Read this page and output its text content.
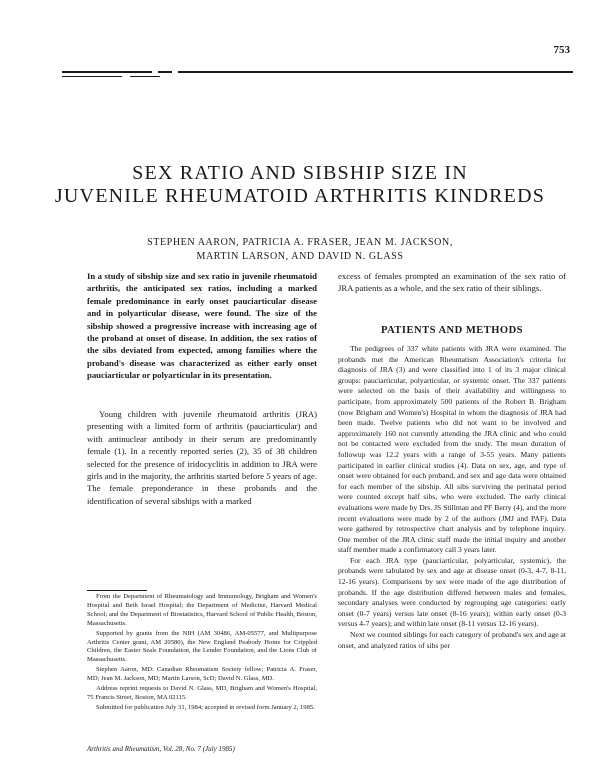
753
SEX RATIO AND SIBSHIP SIZE IN
JUVENILE RHEUMATOID ARTHRITIS KINDREDS
STEPHEN AARON, PATRICIA A. FRASER, JEAN M. JACKSON,
MARTIN LARSON, AND DAVID N. GLASS
In a study of sibship size and sex ratio in juvenile rheumatoid arthritis, the anticipated sex ratios, including a marked female predominance in early onset pauciarticular disease and in polyarticular disease, were found. The size of the sibship showed a progressive increase with increasing age of the proband at onset of disease. In addition, the sex ratios of the sibs deviated from expected, among families where the proband's disease was characterized as either early onset pauciarticular or polyarticular in its presentation.

Young children with juvenile rheumatoid arthritis (JRA) presenting with a limited form of arthritis (pauciarticular) and with antinuclear antibody in their serum are predominantly female (1). In a recently reported series (2), 35 of 38 children selected for the presence of iridocyclitis in addition to JRA were girls and in the majority, the arthritis started before 5 years of age. The female preponderance in these probands and the identification of several sibships with a marked

From the Department of Rheumatology and Immunology, Brigham and Women's Hospital and Beth Israel Hospital; the Department of Medicine, Harvard Medical School; and the Department of Biostatistics, Harvard School of Public Health, Boston, Massachusetts.

Supported by grants from the NIH (AM 30486, AM-05577, and Multipurpose Arthritis Center grant, AM 20580), the New England Peabody Home for Crippled Children, the Easter Seals Foundation, the Lender Foundation, and the Lions Club of Massachusetts.

Stephen Aaron, MD: Canadian Rheumatism Society fellow; Patricia A. Fraser, MD; Jean M. Jackson, MD; Martin Larson, ScD; David N. Glass, MD.

Address reprint requests to David N. Glass, MD, Brigham and Women's Hospital, 75 Francis Street, Boston, MA 02115.

Submitted for publication July 31, 1984; accepted in revised form January 2, 1985.

Arthritis and Rheumatism, Vol. 28, No. 7 (July 1985)

excess of females prompted an examination of the sex ratio of JRA patients as a whole, and the sex ratio of their siblings.

PATIENTS AND METHODS

The pedigrees of 337 white patients with JRA were examined. The probands met the American Rheumatism Association's criteria for diagnosis of JRA (3) and were classified into 1 of its 3 major clinical groups: pauciarticular, polyarticular, or systemic onset. The 337 patients were selected on the basis of their availability and willingness to participate, from approximately 500 patients of the Robert B. Brigham (now Brigham and Women's) Hospital in whom the diagnosis of JRA had been made. Twelve patients who did not want to be involved and approximately 160 not currently attending the JRA clinic and who could not be contacted were excluded from the study. The mean duration of followup was 12.2 years with a range of 3-55 years. Many patients participated in earlier clinical studies (4). Data on sex, age, and type of onset were obtained for each proband, and sex and age data were obtained for each member of the sibship. All sibs surviving the perinatal period were counted except half sibs, who were excluded. The early clinical evaluations were made by Drs. JS Stillman and PF Berry (4), and the more recent evaluations were made by 2 of the authors (JMJ and PAF). Data were gathered by retrospective chart analysis and by telephone inquiry. One member of the JRA clinic staff made the initial inquiry and another staff member made a confirmatory call 3 years later.

For each JRA type (pauciarticular, polyarticular, systemic), the probands were tabulated by sex and age at disease onset (0-3, 4-7, 8-11, 12-16 years). Comparisons by sex were made of the age distribution of probands. If the age distribution differed between males and females, secondary analyses were conducted by regrouping age categories: early onset (0-7 years) versus late onset (8-16 years); within early onset (0-3 versus 4-7 years); and within late onset (8-11 versus 12-16 years).

Next we counted siblings for each category of proband's sex and age at onset, and analyzed ratios of sibs per
